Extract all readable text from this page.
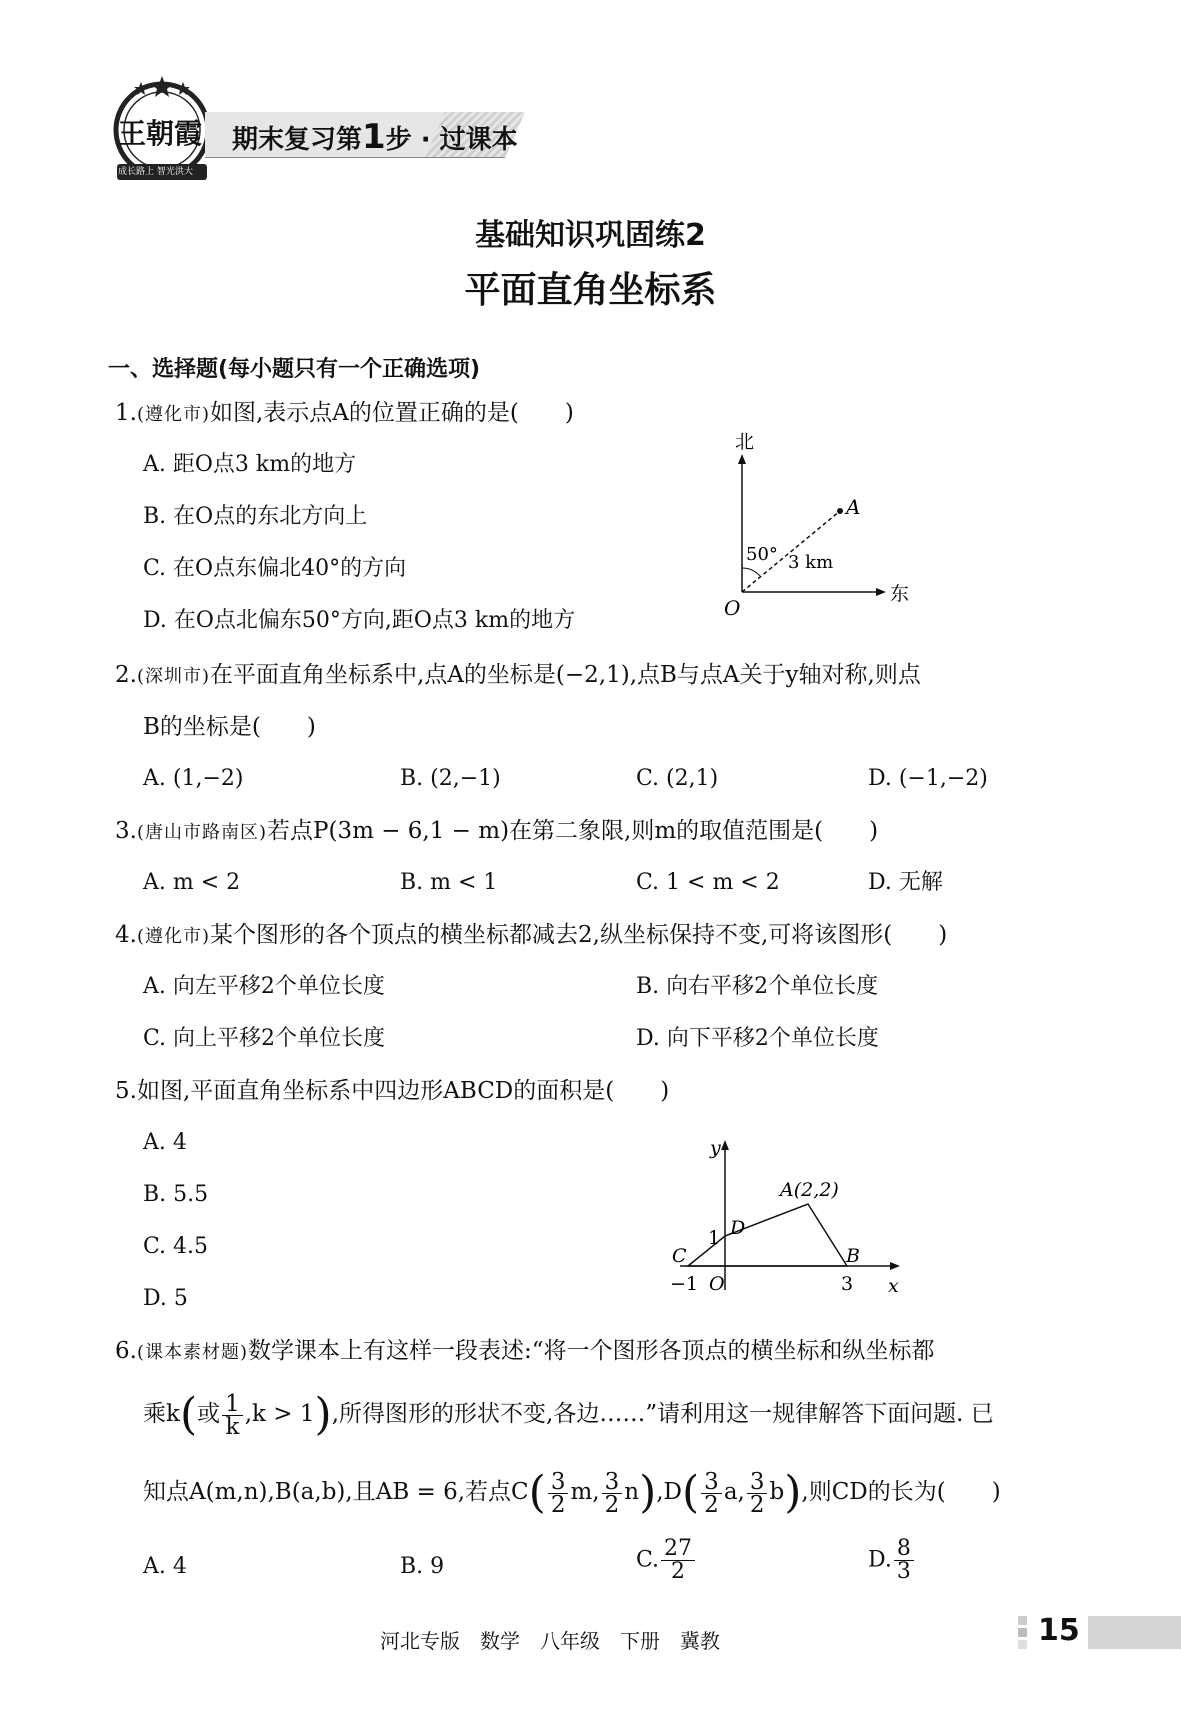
王朝霞
成长路上 智光洪大
期末复习第1步 · 过课本
基础知识巩固练2
平面直角坐标系
一、选择题(每小题只有一个正确选项)
1.(遵化市)如图,表示点A的位置正确的是(　　)
A. 距O点3 km的地方
B. 在O点的东北方向上
C. 在O点东偏北40°的方向
D. 在O点北偏东50°方向,距O点3 km的地方
北
东
O
A
50° 3 km
2.(深圳市)在平面直角坐标系中,点A的坐标是(−2,1),点B与点A关于y轴对称,则点
B的坐标是(　　)
A. (1,−2)	B. (2,−1)	C. (2,1)	D. (−1,−2)
3.(唐山市路南区)若点P(3m − 6,1 − m)在第二象限,则m的取值范围是(　　)
A. m < 2	B. m < 1	C. 1 < m < 2	D. 无解
4.(遵化市)某个图形的各个顶点的横坐标都减去2,纵坐标保持不变,可将该图形(　　)
A. 向左平移2个单位长度	B. 向右平移2个单位长度
C. 向上平移2个单位长度	D. 向下平移2个单位长度
5.如图,平面直角坐标系中四边形ABCD的面积是(　　)
A. 4
B. 5.5
C. 4.5
D. 5
y
x
O
A(2,2)
B
C
D
1
−1	3
6.(课本素材题)数学课本上有这样一段表述:“将一个图形各顶点的横坐标和纵坐标都
乘k(或 $\frac{1}{k} ,k > 1$),所得图形的形状不变,各边……”请利用这一规律解答下面问题. 已
知点A(m,n),B(a,b),且AB = 6,若点$C( \frac{3}{2} m$, $\frac{3}{2} n),D( \frac{3}{2} a$, $\frac{3}{2} b$),则CD的长为(　　)
A. 4	B. 9	C. $\frac{27}{2}$	D. $\frac{8}{3}$
河北专版　数学　八年级　下册　冀教	15
